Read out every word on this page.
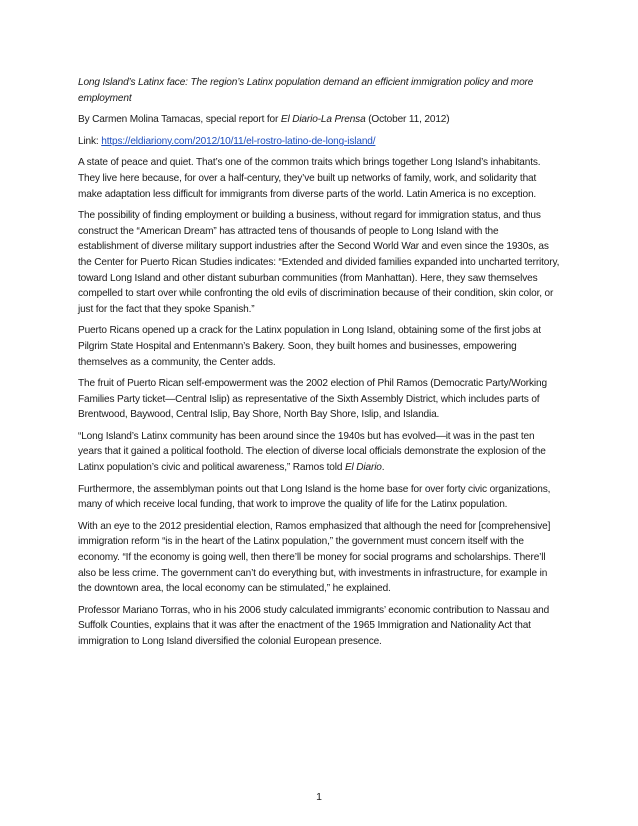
Long Island’s Latinx face: The region’s Latinx population demand an efficient immigration policy and more employment

By Carmen Molina Tamacas, special report for El Diario-La Prensa (October 11, 2012)

Link: https://eldiariony.com/2012/10/11/el-rostro-latino-de-long-island/

A state of peace and quiet. That’s one of the common traits which brings together Long Island’s inhabitants. They live here because, for over a half-century, they’ve built up networks of family, work, and solidarity that make adaptation less difficult for immigrants from diverse parts of the world. Latin America is no exception.

The possibility of finding employment or building a business, without regard for immigration status, and thus construct the “American Dream” has attracted tens of thousands of people to Long Island with the establishment of diverse military support industries after the Second World War and even since the 1930s, as the Center for Puerto Rican Studies indicates: “Extended and divided families expanded into uncharted territory, toward Long Island and other distant suburban communities (from Manhattan). Here, they saw themselves compelled to start over while confronting the old evils of discrimination because of their condition, skin color, or just for the fact that they spoke Spanish.”

Puerto Ricans opened up a crack for the Latinx population in Long Island, obtaining some of the first jobs at Pilgrim State Hospital and Entenmann’s Bakery. Soon, they built homes and businesses, empowering themselves as a community, the Center adds.

The fruit of Puerto Rican self-empowerment was the 2002 election of Phil Ramos (Democratic Party/Working Families Party ticket—Central Islip) as representative of the Sixth Assembly District, which includes parts of Brentwood, Baywood, Central Islip, Bay Shore, North Bay Shore, Islip, and Islandia.

“Long Island’s Latinx community has been around since the 1940s but has evolved—it was in the past ten years that it gained a political foothold. The election of diverse local officials demonstrate the explosion of the Latinx population’s civic and political awareness,” Ramos told El Diario.

Furthermore, the assemblyman points out that Long Island is the home base for over forty civic organizations, many of which receive local funding, that work to improve the quality of life for the Latinx population.

With an eye to the 2012 presidential election, Ramos emphasized that although the need for [comprehensive] immigration reform “is in the heart of the Latinx population,” the government must concern itself with the economy. “If the economy is going well, then there’ll be money for social programs and scholarships. There’ll also be less crime. The government can’t do everything but, with investments in infrastructure, for example in the downtown area, the local economy can be stimulated,” he explained.

Professor Mariano Torras, who in his 2006 study calculated immigrants’ economic contribution to Nassau and Suffolk Counties, explains that it was after the enactment of the 1965 Immigration and Nationality Act that immigration to Long Island diversified the colonial European presence.

1
